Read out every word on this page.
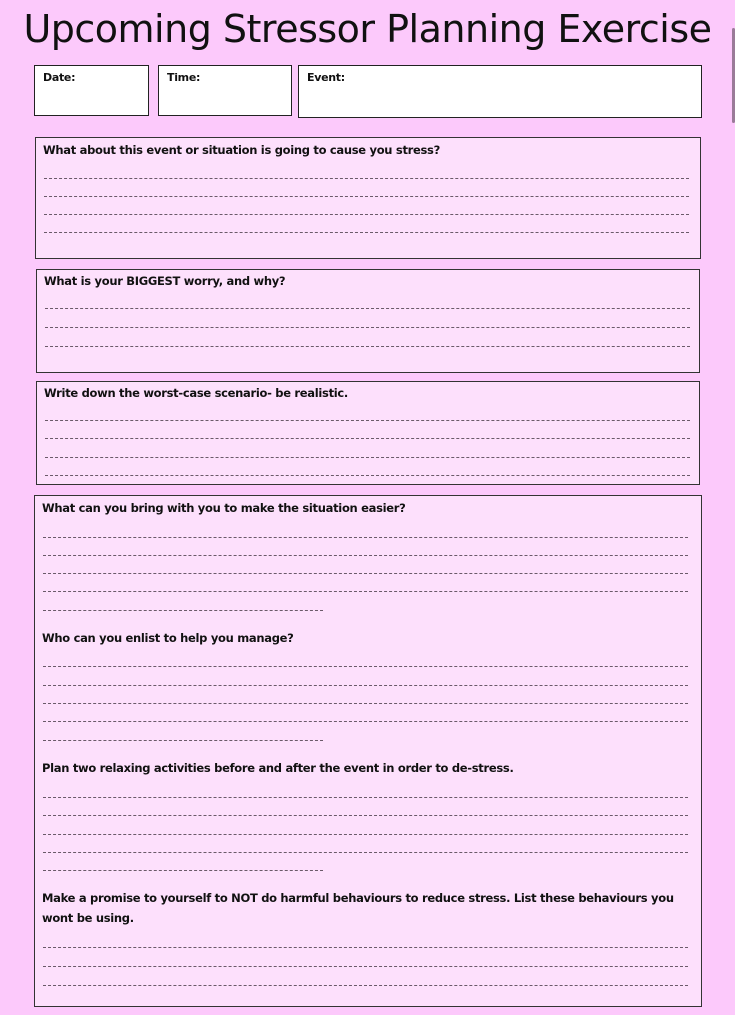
Upcoming Stressor Planning Exercise
Date:	Time:	Event:
What about this event or situation is going to cause you stress?
What is your BIGGEST worry, and why?
Write down the worst-case scenario- be realistic.
What can you bring with you to make the situation easier?
Who can you enlist to help you manage?
Plan two relaxing activities before and after the event in order to de-stress.
Make a promise to yourself to NOT do harmful behaviours to reduce stress. List these behaviours you wont be using.
